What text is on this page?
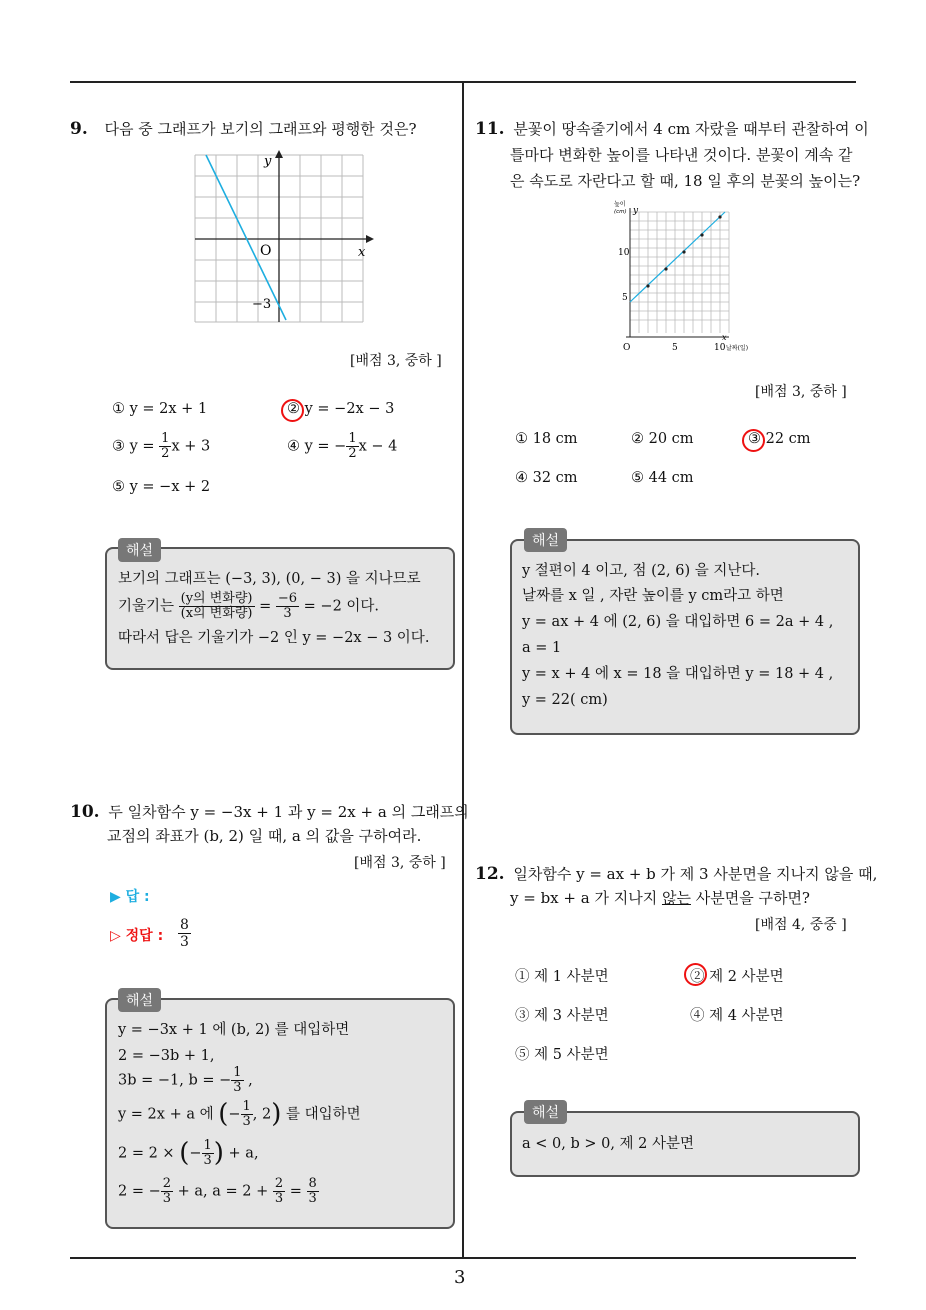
9. 다음 중 그래프가 보기의 그래프와 평행한 것은?
y
x
O
−3
[배점 3, 중하 ]
① y = 2x + 1	② y = −2x − 3
③ $y = \frac{1}{2}$ x + 3	④ y = − $\frac{1}{2}$ x − 4
⑤ y = −x + 2
해설
보기의 그래프는 (−3, 3), (0, − 3) 을 지나므로
기울기는 $\frac{\text{(y의 변화량)}}{\text{(x의 변화량)}} = \frac{-6}{3} = -2$ 이다.
따라서 답은 기울기가 −2 인 y = −2x − 3 이다.
10. 두 일차함수 y = −3x + 1 과 y = 2x + a 의 그래프의
교점의 좌표가 (b, 2) 일 때, a 의 값을 구하여라.
[배점 3, 중하 ]
▶ 답 :
▷ 정답 : $\frac{8}{3}$
해설
y = −3x + 1 에 (b, 2) 를 대입하면
2 = −3b + 1,
3b = −1, b = − $\frac{1}{3}$ ,
y = 2x + a 에 (− $\frac{1}{3}$ , 2) 를 대입하면
2 = 2 × (− $\frac{1}{3}$ ) + a,
2 = − $\frac{2}{3} + a$, $a = 2 + \frac{2}{3} = \frac{8}{3}$
11. 분꽃이 땅속줄기에서 4 cm 자랐을 때부터 관찰하여 이
틀마다 변화한 높이를 나타낸 것이다. 분꽃이 계속 같
은 속도로 자란다고 할 때, 18 일 후의 분꽃의 높이는?
높이
(cm) y
10
5
O	5	10
x
날짜(일)
[배점 3, 중하 ]
① 18 cm	② 20 cm	③ 22 cm
④ 32 cm	⑤ 44 cm
해설
y 절편이 4 이고, 점 (2, 6) 을 지난다.
날짜를 x 일 , 자란 높이를 y cm라고 하면
y = ax + 4 에 (2, 6) 을 대입하면 6 = 2a + 4 ,
a = 1
y = x + 4 에 x = 18 을 대입하면 y = 18 + 4 ,
y = 22( cm)
12. 일차함수 y = ax + b 가 제 3 사분면을 지나지 않을 때,
y = bx + a 가 지나지 않는 사분면을 구하면?
[배점 4, 중중 ]
① 제 1 사분면	② 제 2 사분면
③ 제 3 사분면	④ 제 4 사분면
⑤ 제 5 사분면
해설
a < 0, b > 0, 제 2 사분면
3
